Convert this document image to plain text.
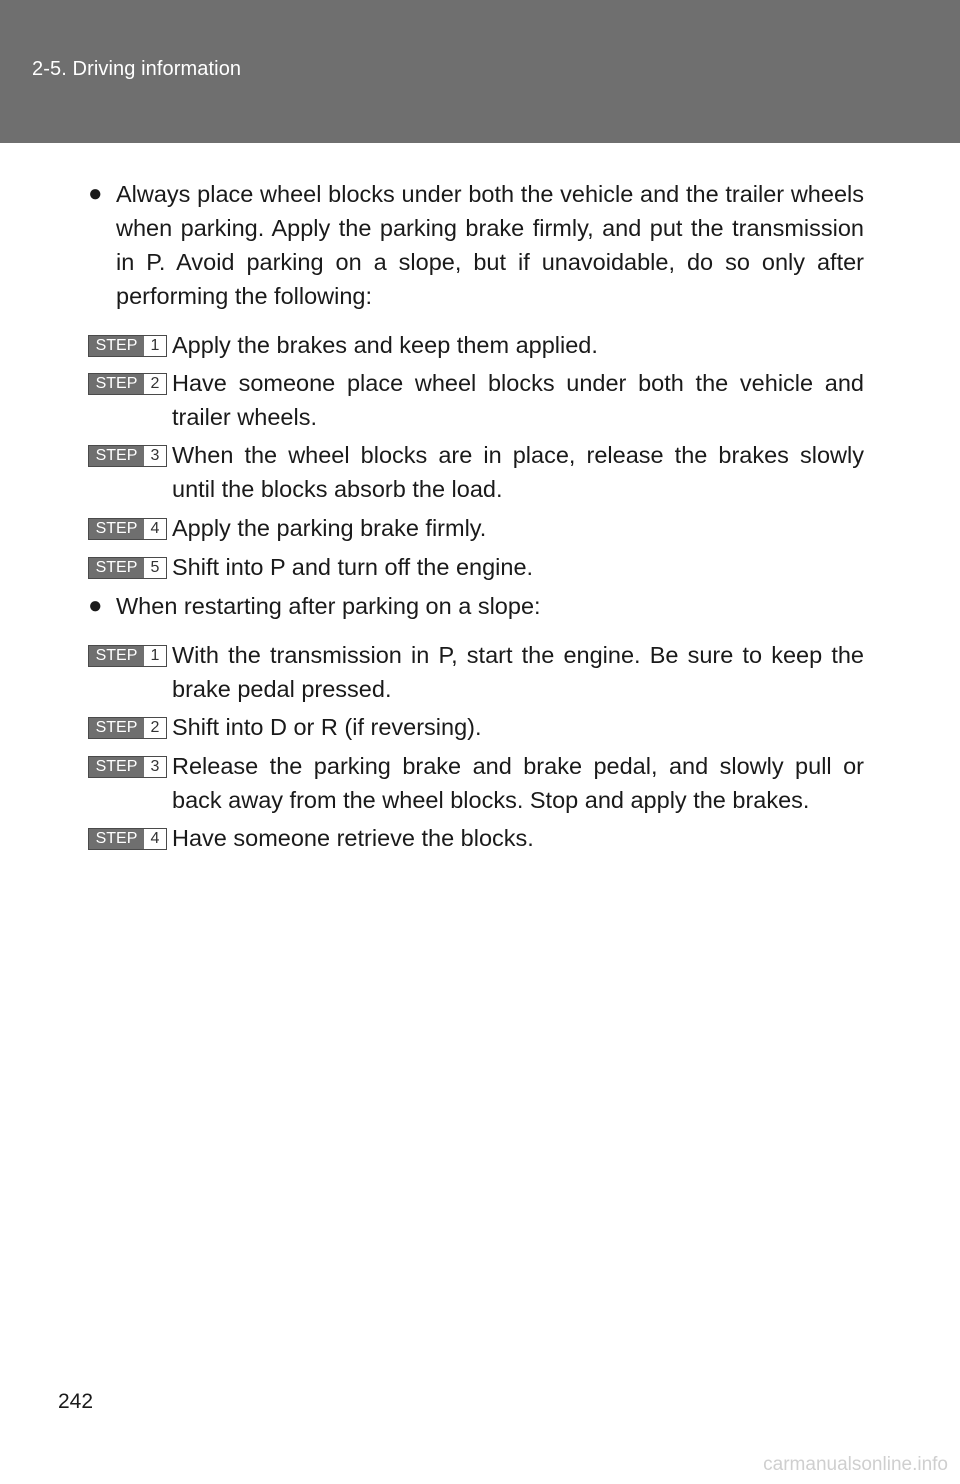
2-5. Driving information
● Always place wheel blocks under both the vehicle and the trailer wheels when parking. Apply the parking brake firmly, and put the transmission in P. Avoid parking on a slope, but if unavoidable, do so only after performing the following:
STEP 1 Apply the brakes and keep them applied.
STEP 2 Have someone place wheel blocks under both the vehicle and trailer wheels.
STEP 3 When the wheel blocks are in place, release the brakes slowly until the blocks absorb the load.
STEP 4 Apply the parking brake firmly.
STEP 5 Shift into P and turn off the engine.
● When restarting after parking on a slope:
STEP 1 With the transmission in P, start the engine. Be sure to keep the brake pedal pressed.
STEP 2 Shift into D or R (if reversing).
STEP 3 Release the parking brake and brake pedal, and slowly pull or back away from the wheel blocks. Stop and apply the brakes.
STEP 4 Have someone retrieve the blocks.
242
carmanualsonline.info
